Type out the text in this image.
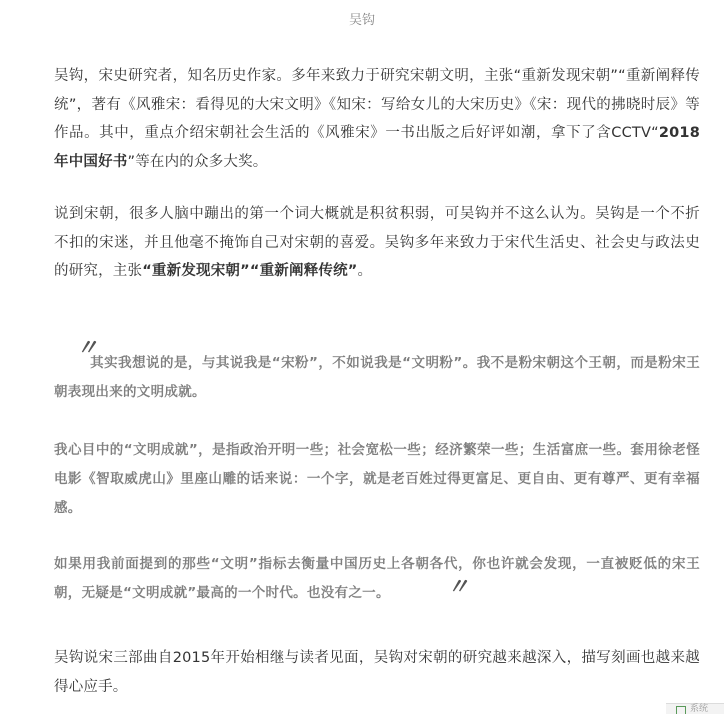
吴钩
吴钩，宋史研究者，知名历史作家。多年来致力于研究宋朝文明，主张“重新发现宋朝”“重新阐释传统”，著有《风雅宋：看得见的大宋文明》《知宋：写给女儿的大宋历史》《宋：现代的拂晓时辰》等作品。其中，重点介绍宋朝社会生活的《风雅宋》一书出版之后好评如潮，拿下了含CCTV“2018年中国好书”等在内的众多大奖。
说到宋朝，很多人脑中蹦出的第一个词大概就是积贫积弱，可吴钩并不这么认为。吴钩是一个不折不扣的宋迷，并且他毫不掩饰自己对宋朝的喜爱。吴钩多年来致力于宋代生活史、社会史与政法史的研究，主张“重新发现宋朝”“重新阐释传统”。
〃
其实我想说的是，与其说我是“宋粉”，不如说我是“文明粉”。我不是粉宋朝这个王朝，而是粉宋王朝表现出来的文明成就。
我心目中的“文明成就”，是指政治开明一些；社会宽松一些；经济繁荣一些；生活富庶一些。套用徐老怪电影《智取威虎山》里座山雕的话来说：一个字，就是老百姓过得更富足、更自由、更有尊严、更有幸福感。
如果用我前面提到的那些“文明”指标去衡量中国历史上各朝各代，你也许就会发现，一直被贬低的宋王朝，无疑是“文明成就”最高的一个时代。也没有之一。	〃
吴钩说宋三部曲自2015年开始相继与读者见面，吴钩对宋朝的研究越来越深入，描写刻画也越来越得心应手。
系统
